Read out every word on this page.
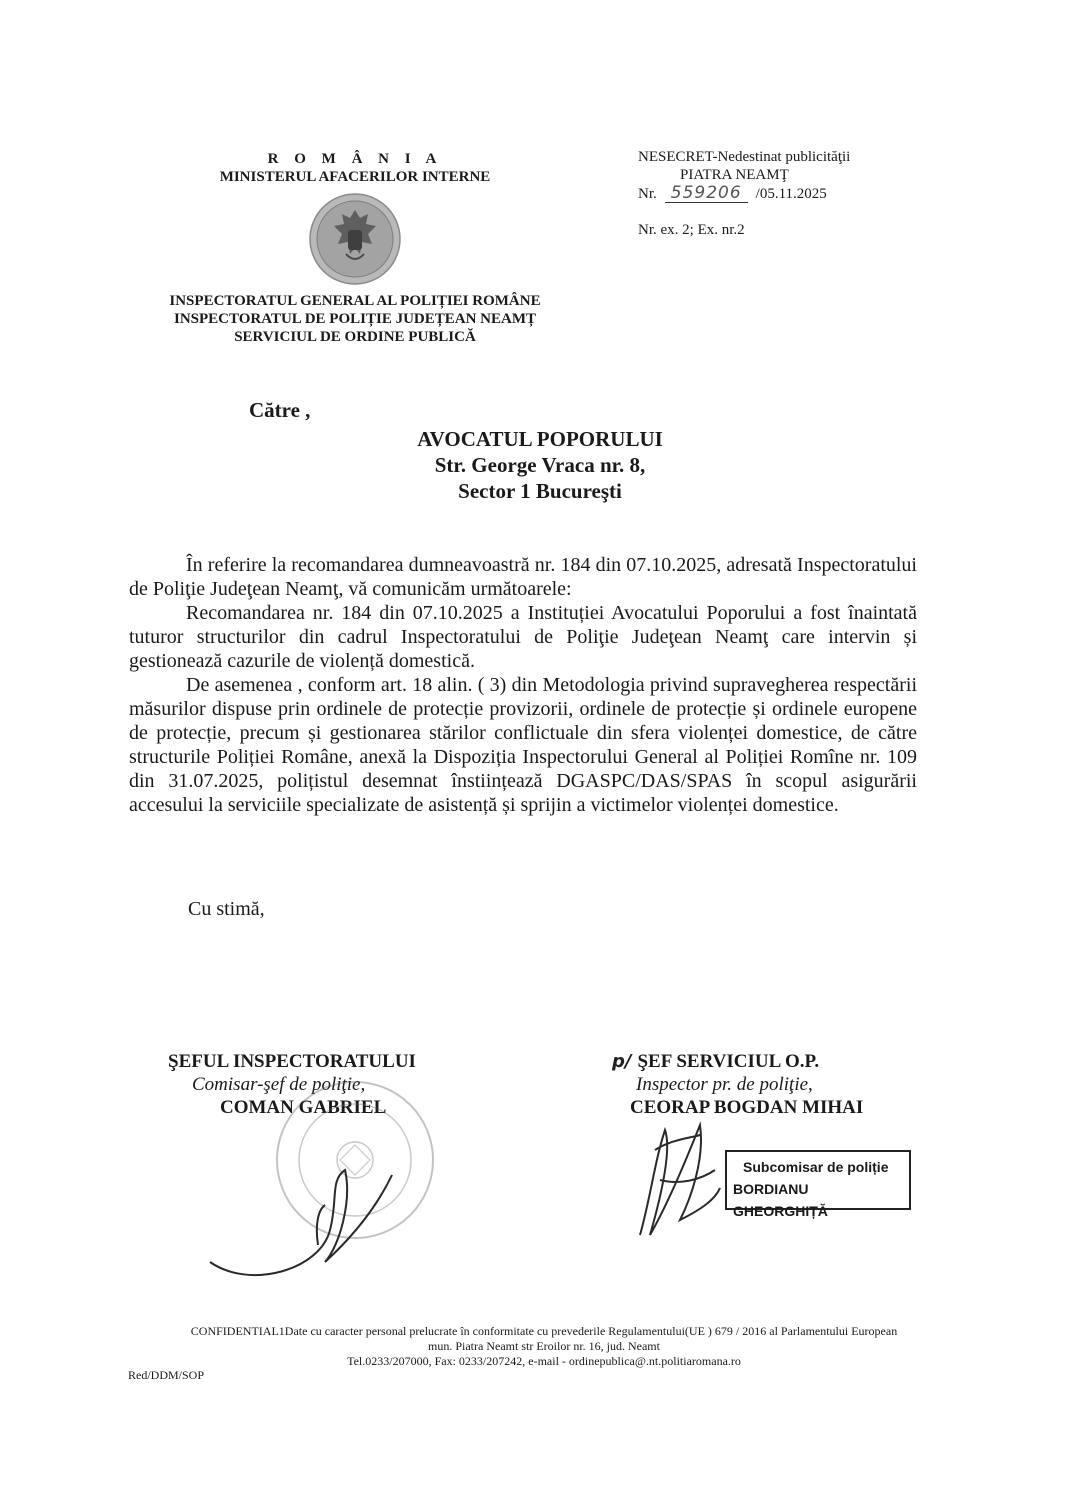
R O M Â N I A
MINISTERUL AFACERILOR INTERNE
INSPECTORATUL GENERAL AL POLIȚIEI ROMÂNE
INSPECTORATUL DE POLIȚIE JUDEȚEAN NEAMȚ
SERVICIUL DE ORDINE PUBLICĂ
NESECRET-Nedestinat publicităţii
PIATRA NEAMŢ
Nr. 559206 /05.11.2025
Nr. ex. 2; Ex. nr.2
Către ,
AVOCATUL POPORULUI
Str. George Vraca nr. 8,
Sector 1 Bucureşti

În referire la recomandarea dumneavoastră nr. 184 din 07.10.2025, adresată Inspectoratului de Poliţie Judeţean Neamţ, vă comunicăm următoarele:

Recomandarea nr. 184 din 07.10.2025 a Instituției Avocatului Poporului a fost înaintată tuturor structurilor din cadrul Inspectoratului de Poliţie Judeţean Neamţ care intervin și gestionează cazurile de violență domestică.

De asemenea , conform art. 18 alin. ( 3) din Metodologia privind supravegherea respectării măsurilor dispuse prin ordinele de protecție provizorii, ordinele de protecție și ordinele europene de protecție, precum și gestionarea stărilor conflictuale din sfera violenței domestice, de către structurile Poliției Române, anexă la Dispoziția Inspectorului General al Poliției Romîne nr. 109 din 31.07.2025, polițistul desemnat înstiințează DGASPC/DAS/SPAS în scopul asigurării accesului la serviciile specializate de asistență și sprijin a victimelor violenței domestice.

Cu stimă,
ŞEFUL INSPECTORATULUI
Comisar-şef de poliţie,
COMAN GABRIEL
p/ ŞEF SERVICIUL O.P.
Inspector pr. de poliţie,
CEORAP BOGDAN MIHAI
Subcomisar de poliție
BORDIANU GHEORGHIȚĂ
CONFIDENTIAL1Date cu caracter personal prelucrate în conformitate cu prevederile Regulamentului(UE ) 679 / 2016 al Parlamentului European
mun. Piatra Neamt str Eroilor nr. 16, jud. Neamt
Tel.0233/207000, Fax: 0233/207242, e-mail - ordinepublica@.nt.politiaromana.ro
Red/DDM/SOP
